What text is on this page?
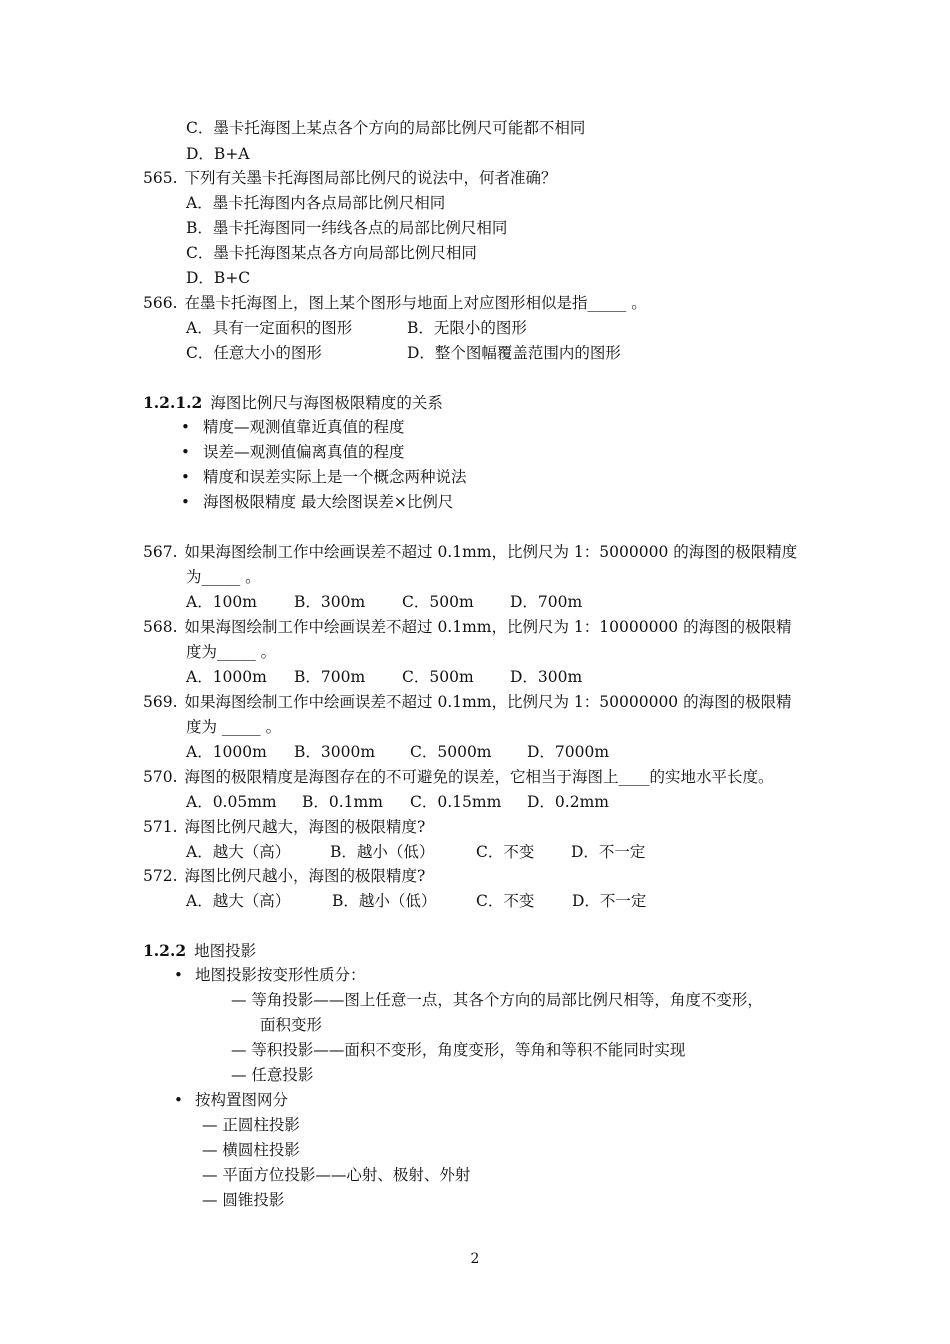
C．墨卡托海图上某点各个方向的局部比例尺可能都不相同
D．B+A
565. 下列有关墨卡托海图局部比例尺的说法中，何者准确？
A．墨卡托海图内各点局部比例尺相同
B．墨卡托海图同一纬线各点的局部比例尺相同
C．墨卡托海图某点各方向局部比例尺相同
D．B+C
566. 在墨卡托海图上，图上某个图形与地面上对应图形相似是指_____ 。
A．具有一定面积的图形	B．无限小的图形
C．任意大小的图形	D．整个图幅覆盖范围内的图形
1.2.1.2 海图比例尺与海图极限精度的关系
• 精度—观测值靠近真值的程度
• 误差—观测值偏离真值的程度
• 精度和误差实际上是一个概念两种说法
• 海图极限精度 最大绘图误差×比例尺
567. 如果海图绘制工作中绘画误差不超过 0.1mm，比例尺为 1：5000000 的海图的极限精度
为_____ 。
A．100m B．300m C．500m D．700m
568. 如果海图绘制工作中绘画误差不超过 0.1mm，比例尺为 1：10000000 的海图的极限精
度为_____ 。
A．1000m B．700m C．500m D．300m
569. 如果海图绘制工作中绘画误差不超过 0.1mm，比例尺为 1：50000000 的海图的极限精
度为 _____ 。
A．1000m B．3000m C．5000m D．7000m
570. 海图的极限精度是海图存在的不可避免的误差，它相当于海图上____的实地水平长度。
A．0.05mm B．0.1mm C．0.15mm D．0.2mm
571. 海图比例尺越大，海图的极限精度?
A．越大（高）	B．越小（低）	C．不变 D．不一定
572. 海图比例尺越小，海图的极限精度?
A．越大（高）	B．越小（低）	C．不变 D．不一定
1.2.2 地图投影
• 地图投影按变形性质分：
— 等角投影——图上任意一点，其各个方向的局部比例尺相等，角度不变形，
面积变形
— 等积投影——面积不变形，角度变形，等角和等积不能同时实现
— 任意投影
• 按构置图网分
— 正圆柱投影
— 横圆柱投影
— 平面方位投影——心射、极射、外射
— 圆锥投影
2
